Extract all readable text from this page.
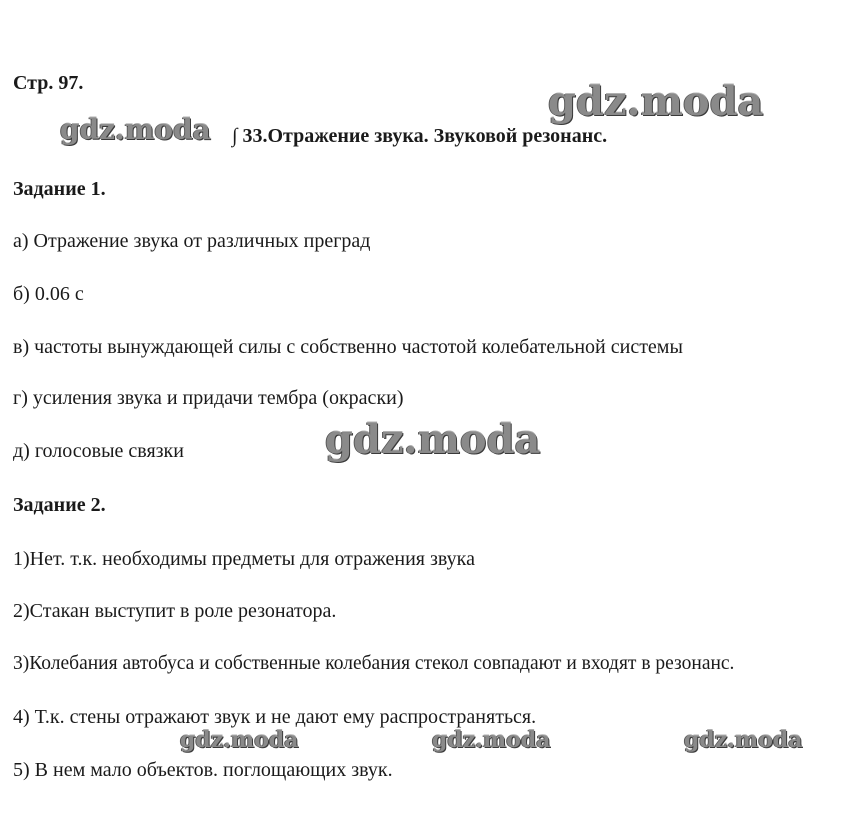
Стр. 97.	gdz.moda
gdz.moda ∫ 33.Отражение звука. Звуковой резонанс.
Задание 1.
а) Отражение звука от различных преград
б) 0.06 с
в) частоты вынуждающей силы с собственно частотой колебательной системы
г) усиления звука и придачи тембра (окраски)
д) голосовые связки	gdz.moda
Задание 2.
1)Нет. т.к. необходимы предметы для отражения звука
2)Стакан выступит в роле резонатора.
3)Колебания автобуса и собственные колебания стекол совпадают и входят в резонанс.
4) Т.к. стены отражают звук и не дают ему распространяться.
gdz.moda	gdz.moda	gdz.moda
5) В нем мало объектов. поглощающих звук.
